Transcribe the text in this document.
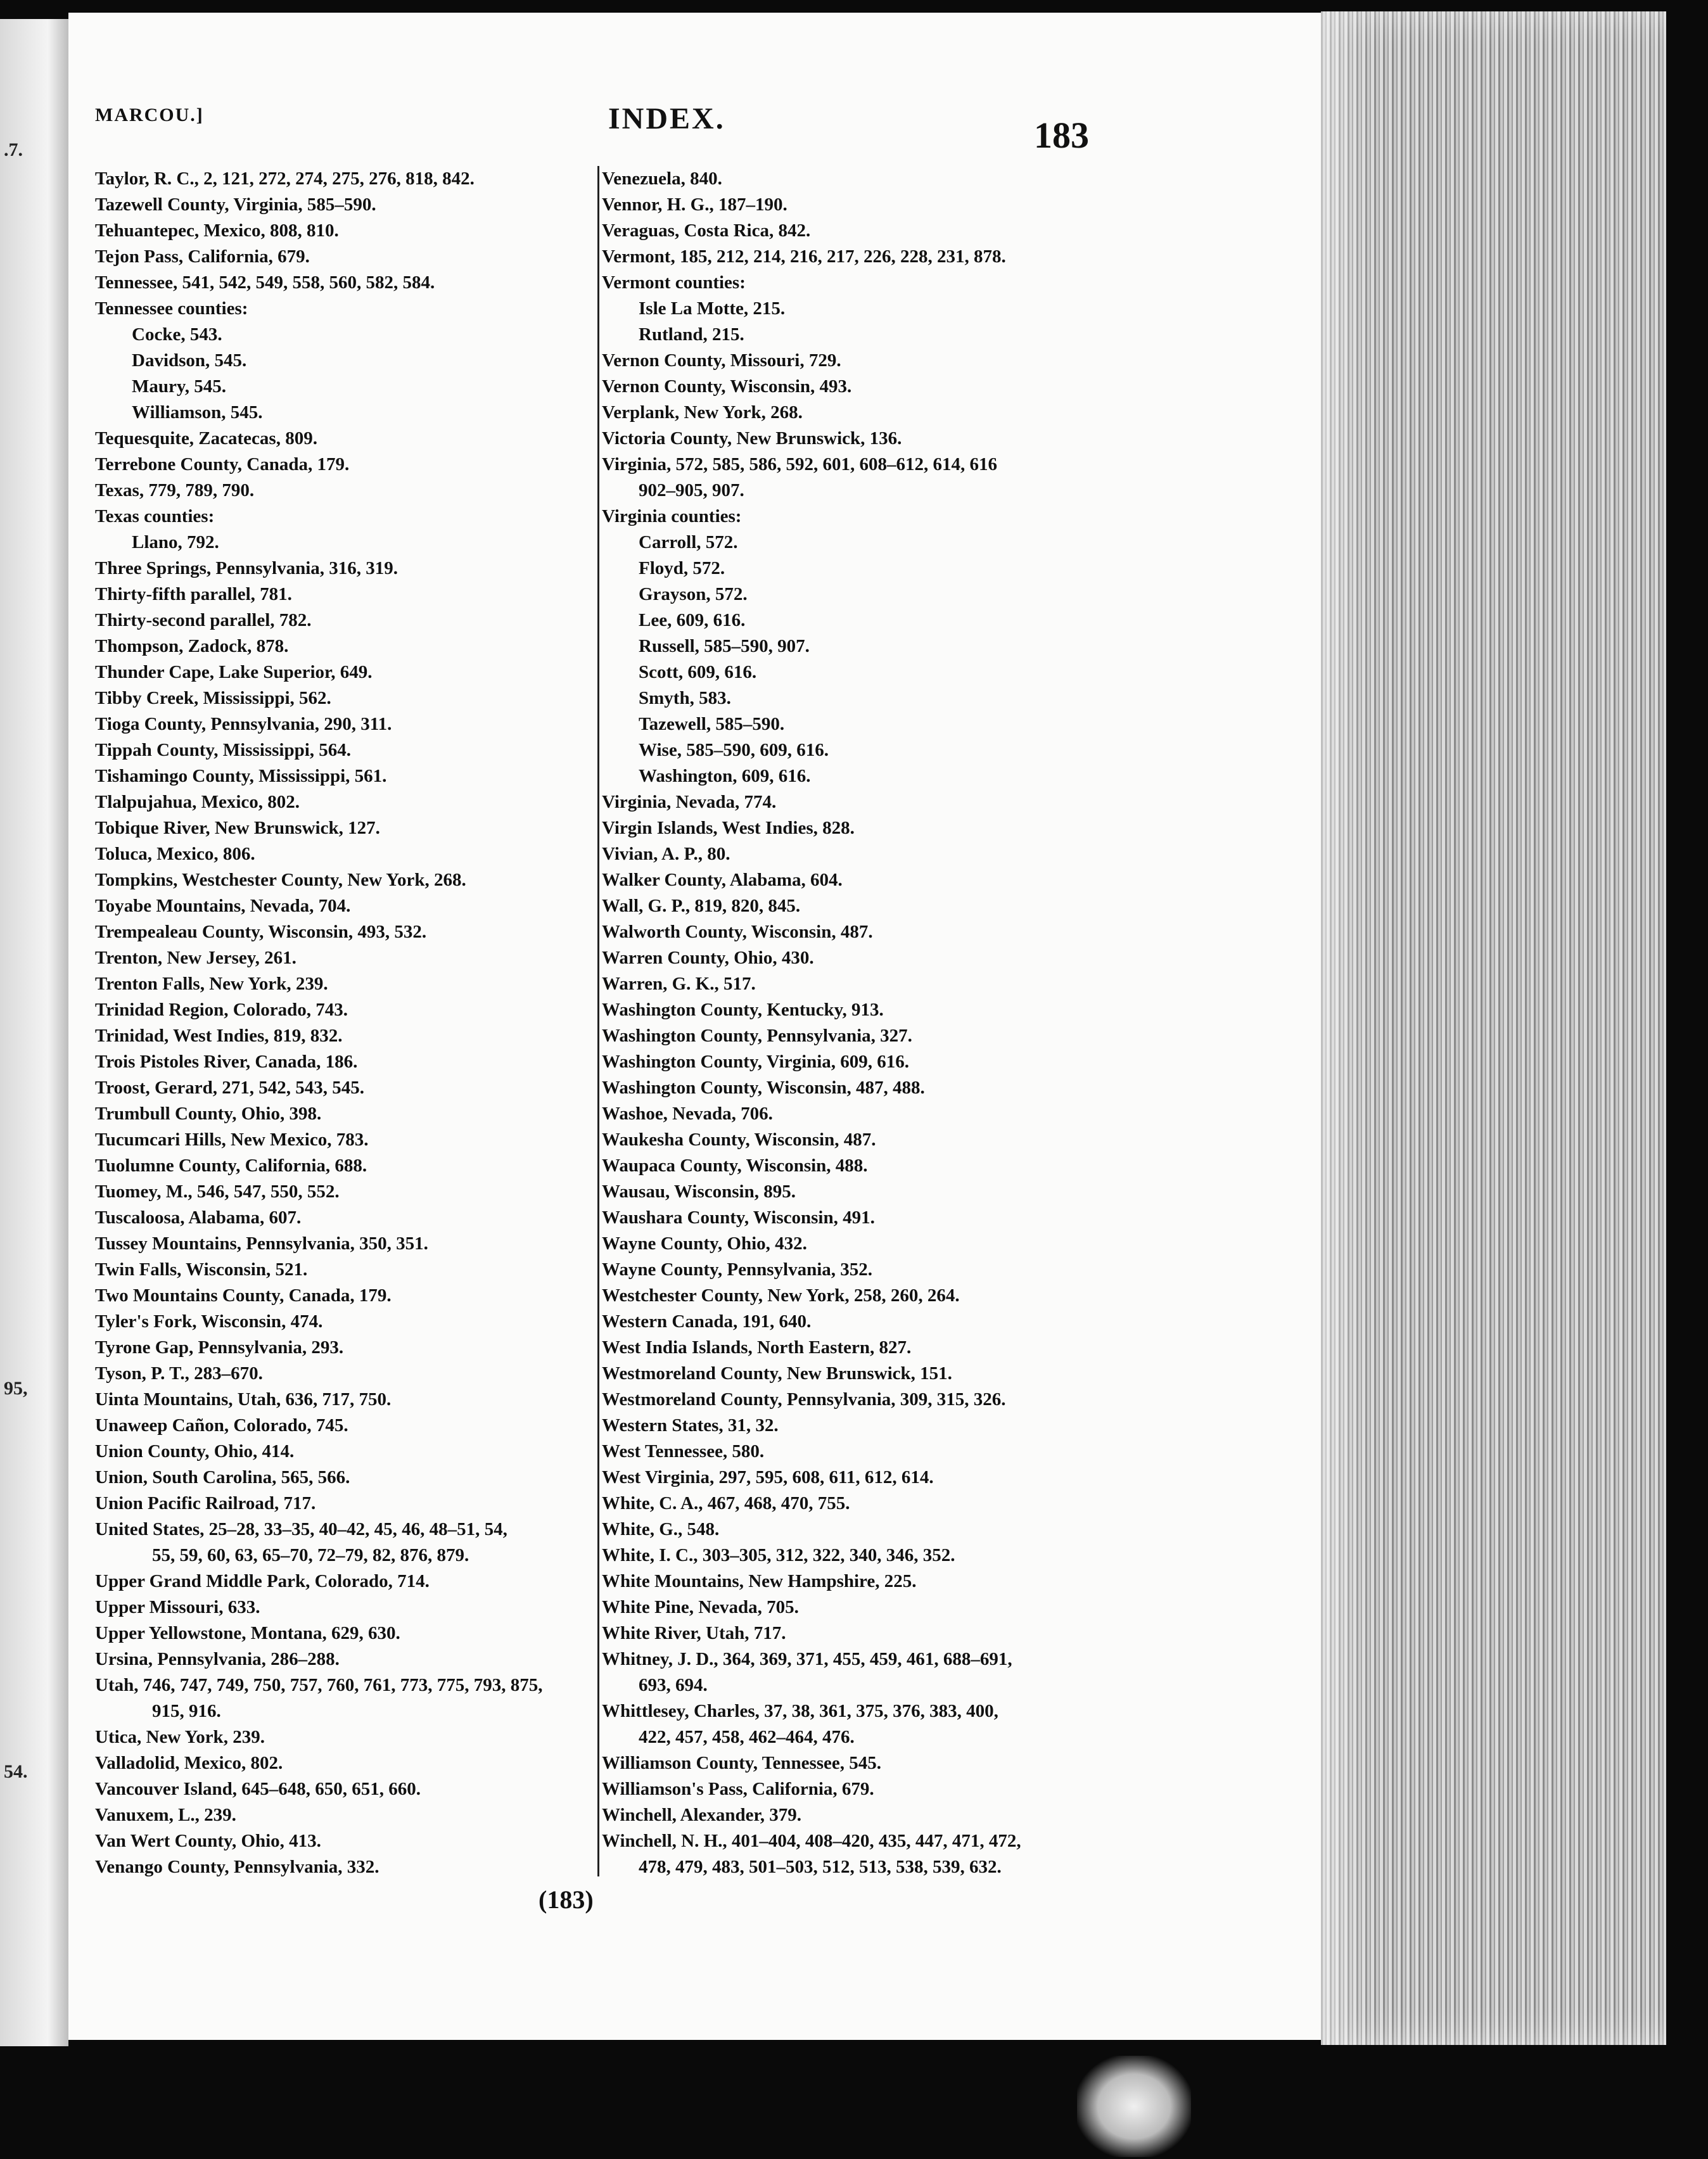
.7.
95,
54.
MARCOU.]	INDEX.	183
Taylor, R. C., 2, 121, 272, 274, 275, 276, 818, 842.
Tazewell County, Virginia, 585–590.
Tehuantepec, Mexico, 808, 810.
Tejon Pass, California, 679.
Tennessee, 541, 542, 549, 558, 560, 582, 584.
Tennessee counties:
Cocke, 543.
Davidson, 545.
Maury, 545.
Williamson, 545.
Tequesquite, Zacatecas, 809.
Terrebone County, Canada, 179.
Texas, 779, 789, 790.
Texas counties:
Llano, 792.
Three Springs, Pennsylvania, 316, 319.
Thirty-fifth parallel, 781.
Thirty-second parallel, 782.
Thompson, Zadock, 878.
Thunder Cape, Lake Superior, 649.
Tibby Creek, Mississippi, 562.
Tioga County, Pennsylvania, 290, 311.
Tippah County, Mississippi, 564.
Tishamingo County, Mississippi, 561.
Tlalpujahua, Mexico, 802.
Tobique River, New Brunswick, 127.
Toluca, Mexico, 806.
Tompkins, Westchester County, New York, 268.
Toyabe Mountains, Nevada, 704.
Trempealeau County, Wisconsin, 493, 532.
Trenton, New Jersey, 261.
Trenton Falls, New York, 239.
Trinidad Region, Colorado, 743.
Trinidad, West Indies, 819, 832.
Trois Pistoles River, Canada, 186.
Troost, Gerard, 271, 542, 543, 545.
Trumbull County, Ohio, 398.
Tucumcari Hills, New Mexico, 783.
Tuolumne County, California, 688.
Tuomey, M., 546, 547, 550, 552.
Tuscaloosa, Alabama, 607.
Tussey Mountains, Pennsylvania, 350, 351.
Twin Falls, Wisconsin, 521.
Two Mountains County, Canada, 179.
Tyler's Fork, Wisconsin, 474.
Tyrone Gap, Pennsylvania, 293.
Tyson, P. T., 283–670.
Uinta Mountains, Utah, 636, 717, 750.
Unaweep Cañon, Colorado, 745.
Union County, Ohio, 414.
Union, South Carolina, 565, 566.
Union Pacific Railroad, 717.
United States, 25–28, 33–35, 40–42, 45, 46, 48–51, 54,
55, 59, 60, 63, 65–70, 72–79, 82, 876, 879.
Upper Grand Middle Park, Colorado, 714.
Upper Missouri, 633.
Upper Yellowstone, Montana, 629, 630.
Ursina, Pennsylvania, 286–288.
Utah, 746, 747, 749, 750, 757, 760, 761, 773, 775, 793, 875,
915, 916.
Utica, New York, 239.
Valladolid, Mexico, 802.
Vancouver Island, 645–648, 650, 651, 660.
Vanuxem, L., 239.
Van Wert County, Ohio, 413.
Venango County, Pennsylvania, 332.
Venezuela, 840.
Vennor, H. G., 187–190.
Veraguas, Costa Rica, 842.
Vermont, 185, 212, 214, 216, 217, 226, 228, 231, 878.
Vermont counties:
Isle La Motte, 215.
Rutland, 215.
Vernon County, Missouri, 729.
Vernon County, Wisconsin, 493.
Verplank, New York, 268.
Victoria County, New Brunswick, 136.
Virginia, 572, 585, 586, 592, 601, 608–612, 614, 616
902–905, 907.
Virginia counties:
Carroll, 572.
Floyd, 572.
Grayson, 572.
Lee, 609, 616.
Russell, 585–590, 907.
Scott, 609, 616.
Smyth, 583.
Tazewell, 585–590.
Wise, 585–590, 609, 616.
Washington, 609, 616.
Virginia, Nevada, 774.
Virgin Islands, West Indies, 828.
Vivian, A. P., 80.
Walker County, Alabama, 604.
Wall, G. P., 819, 820, 845.
Walworth County, Wisconsin, 487.
Warren County, Ohio, 430.
Warren, G. K., 517.
Washington County, Kentucky, 913.
Washington County, Pennsylvania, 327.
Washington County, Virginia, 609, 616.
Washington County, Wisconsin, 487, 488.
Washoe, Nevada, 706.
Waukesha County, Wisconsin, 487.
Waupaca County, Wisconsin, 488.
Wausau, Wisconsin, 895.
Waushara County, Wisconsin, 491.
Wayne County, Ohio, 432.
Wayne County, Pennsylvania, 352.
Westchester County, New York, 258, 260, 264.
Western Canada, 191, 640.
West India Islands, North Eastern, 827.
Westmoreland County, New Brunswick, 151.
Westmoreland County, Pennsylvania, 309, 315, 326.
Western States, 31, 32.
West Tennessee, 580.
West Virginia, 297, 595, 608, 611, 612, 614.
White, C. A., 467, 468, 470, 755.
White, G., 548.
White, I. C., 303–305, 312, 322, 340, 346, 352.
White Mountains, New Hampshire, 225.
White Pine, Nevada, 705.
White River, Utah, 717.
Whitney, J. D., 364, 369, 371, 455, 459, 461, 688–691,
693, 694.
Whittlesey, Charles, 37, 38, 361, 375, 376, 383, 400,
422, 457, 458, 462–464, 476.
Williamson County, Tennessee, 545.
Williamson's Pass, California, 679.
Winchell, Alexander, 379.
Winchell, N. H., 401–404, 408–420, 435, 447, 471, 472,
478, 479, 483, 501–503, 512, 513, 538, 539, 632.
(183)
